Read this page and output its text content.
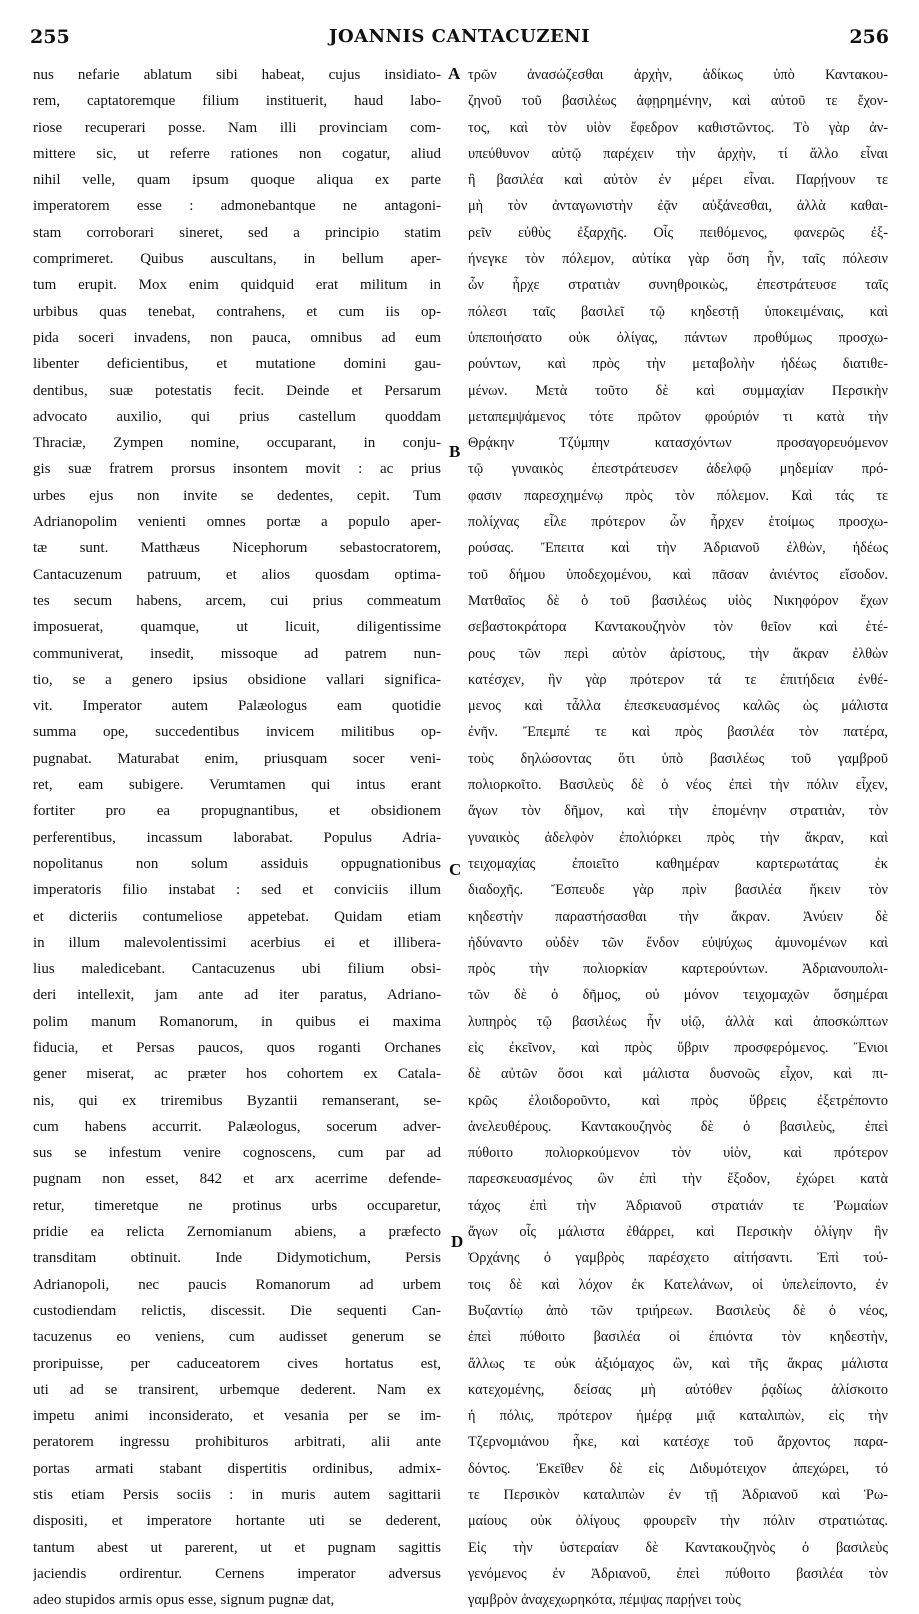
255	JOANNIS CANTACUZENI	256
nus nefarie ablatum sibi habeat, cujus insidiato-
rem, captatoremque filium instituerit, haud labo-
riose recuperari posse. Nam illi provinciam com-
mittere sic, ut referre rationes non cogatur, aliud
nihil velle, quam ipsum quoque aliqua ex parte
imperatorem esse : admonebantque ne antagoni-
stam corroborari sineret, sed a principio statim
comprimeret. Quibus auscultans, in bellum aper-
tum erupit. Mox enim quidquid erat militum in
urbibus quas tenebat, contrahens, et cum iis op-
pida soceri invadens, non pauca, omnibus ad eum
libenter deficientibus, et mutatione domini gau-
dentibus, suæ potestatis fecit. Deinde et Persarum
advocato auxilio, qui prius castellum quoddam
Thraciæ, Zympen nomine, occuparant, in conju-
gis suæ fratrem prorsus insontem movit : ac prius
urbes ejus non invite se dedentes, cepit. Tum
Adrianopolim venienti omnes portæ a populo aper-
tæ sunt. Matthæus Nicephorum sebastocratorem,
Cantacuzenum patruum, et alios quosdam optima-
tes secum habens, arcem, cui prius commeatum
imposuerat, quamque, ut licuit, diligentissime
communiverat, insedit, missoque ad patrem nun-
tio, se a genero ipsius obsidione vallari significa-
vit. Imperator autem Palæologus eam quotidie
summa ope, succedentibus invicem militibus op-
pugnabat. Maturabat enim, priusquam socer veni-
ret, eam subigere. Verumtamen qui intus erant
fortiter pro ea propugnantibus, et obsidionem
perferentibus, incassum laborabat. Populus Adria-
nopolitanus non solum assiduis oppugnationibus
imperatoris filio instabat : sed et conviciis illum
et dicteriis contumeliose appetebat. Quidam etiam
in illum malevolentissimi acerbius ei et illibera-
lius maledicebant. Cantacuzenus ubi filium obsi-
deri intellexit, jam ante ad iter paratus, Adriano-
polim manum Romanorum, in quibus ei maxima
fiducia, et Persas paucos, quos roganti Orchanes
gener miserat, ac præter hos cohortem ex Catala-
nis, qui ex triremibus Byzantii remanserant, se-
cum habens accurrit. Palæologus, socerum adver-
sus se infestum venire cognoscens, cum par ad
pugnam non esset, 842 et arx acerrime defende-
retur, timeretque ne protinus urbs occuparetur,
pridie ea relicta Zernomianum abiens, a præfecto
transditam obtinuit. Inde Didymotichum, Persis
Adrianopoli, nec paucis Romanorum ad urbem
custodiendam relictis, discessit. Die sequenti Can-
tacuzenus eo veniens, cum audisset generum se
proripuisse, per caduceatorem cives hortatus est,
uti ad se transirent, urbemque dederent. Nam ex
impetu animi inconsiderato, et vesania per se im-
peratorem ingressu prohibituros arbitrati, alii ante
portas armati stabant dispertitis ordinibus, admix-
stis etiam Persis sociis : in muris autem sagittarii
dispositi, et imperatore hortante uti se dederent,
tantum abest ut parerent, ut et pugnam sagittis
jaciendis ordirentur. Cernens imperator adversus
adeo stupidos armis opus esse, signum pugnæ dat,
τρῶν ἀνασώζεσθαι ἀρχὴν, ἀδίκως ὑπὸ Καντακου-
ζηνοῦ τοῦ βασιλέως ἀφῃρημένην, καὶ αὐτοῦ τε ἔχον-
τος, καὶ τὸν υἱὸν ἔφεδρον καθιστῶντος. Τὸ γὰρ ἀν-
υπεύθυνον αὐτῷ παρέχειν τὴν ἀρχὴν, τί ἄλλο εἶναι
ἢ βασιλέα καὶ αὐτὸν ἐν μέρει εἶναι. Παρῄνουν τε
μὴ τὸν ἀνταγωνιστὴν ἐᾷν αὐξάνεσθαι, ἀλλὰ καθαι-
ρεῖν εὐθὺς ἐξαρχῆς. Οἷς πειθόμενος, φανερῶς ἐξ-
ήνεγκε τὸν πόλεμον, αὐτίκα γὰρ ὅση ἦν, ταῖς πόλεσιν
ὧν ἦρχε στρατιὰν συνηθροικὼς, ἐπεστράτευσε ταῖς
πόλεσι ταῖς βασιλεῖ τῷ κηδεστῇ ὑποκειμέναις, καὶ
ὑπεποιήσατο οὐκ ὀλίγας, πάντων προθύμως προσχω-
ρούντων, καὶ πρὸς τὴν μεταβολὴν ἡδέως διατιθε-
μένων. Μετὰ τοῦτο δὲ καὶ συμμαχίαν Περσικὴν
μεταπεμψάμενος τότε πρῶτον φρούριόν τι κατὰ τὴν
Θρᾴκην Τζύμπην κατασχόντων προσαγορευόμενον
τῷ γυναικὸς ἐπεστράτευσεν ἀδελφῷ μηδεμίαν πρό-
φασιν παρεσχημένῳ πρὸς τὸν πόλεμον. Καὶ τάς τε
πολίχνας εἷλε πρότερον ὧν ἦρχεν ἑτοίμως προσχω-
ρούσας. Ἔπειτα καὶ τὴν Ἀδριανοῦ ἐλθὼν, ἡδέως
τοῦ δήμου ὑποδεχομένου, καὶ πᾶσαν ἀνιέντος εἴσοδον.
Ματθαῖος δὲ ὁ τοῦ βασιλέως υἱὸς Νικηφόρον ἔχων
σεβαστοκράτορα Καντακουζηνὸν τὸν θεῖον καὶ ἑτέ-
ρους τῶν περὶ αὐτὸν ἀρίστους, τὴν ἄκραν ἐλθὼν
κατέσχεν, ἣν γὰρ πρότερον τά τε ἐπιτήδεια ἐνθέ-
μενος καὶ τἆλλα ἐπεσκευασμένος καλῶς ὡς μάλιστα
ἐνῆν. Ἔπεμπέ τε καὶ πρὸς βασιλέα τὸν πατέρα,
τοὺς δηλώσοντας ὅτι ὑπὸ βασιλέως τοῦ γαμβροῦ
πολιορκοῖτο. Βασιλεὺς δὲ ὁ νέος ἐπεὶ τὴν πόλιν εἶχεν,
ἄγων τὸν δῆμον, καὶ τὴν ἑπομένην στρατιὰν, τὸν
γυναικὸς ἀδελφὸν ἐπολιόρκει πρὸς τὴν ἄκραν, καὶ
τειχομαχίας ἐποιεῖτο καθημέραν καρτερωτάτας ἐκ
διαδοχῆς. Ἔσπευδε γὰρ πρὶν βασιλέα ἥκειν τὸν
κηδεστὴν παραστήσασθαι τὴν ἄκραν. Ἀνύειν δὲ
ἠδύναντο οὐδὲν τῶν ἔνδον εὐψύχως ἀμυνομένων καὶ
πρὸς τὴν πολιορκίαν καρτερούντων. Ἀδριανουπολι-
τῶν δὲ ὁ δῆμος, οὐ μόνον τειχομαχῶν ὅσημέραι
λυπηρὸς τῷ βασιλέως ἦν υἱῷ, ἀλλὰ καὶ ἀποσκώπτων
εἰς ἐκεῖνον, καὶ πρὸς ὕβριν προσφερόμενος. Ἔνιοι
δὲ αὐτῶν ὅσοι καὶ μάλιστα δυσνοῶς εἶχον, καὶ πι-
κρῶς ἐλοιδοροῦντο, καὶ πρὸς ὕβρεις ἐξετρέποντο
ἀνελευθέρους. Καντακουζηνὸς δὲ ὁ βασιλεὺς, ἐπεὶ
πύθοιτο πολιορκούμενον τὸν υἱὸν, καὶ πρότερον
παρεσκευασμένος ὢν ἐπὶ τὴν ἔξοδον, ἐχώρει κατὰ
τάχος ἐπὶ τὴν Ἀδριανοῦ στρατιάν τε Ῥωμαίων
ἄγων οἷς μάλιστα ἐθάρρει, καὶ Περσικὴν ὀλίγην ἣν
Ὀρχάνης ὁ γαμβρὸς παρέσχετο αἰτήσαντι. Ἐπὶ τού-
τοις δὲ καὶ λόχον ἐκ Κατελάνων, οἱ ὑπελείποντο, ἐν
Βυζαντίῳ ἀπὸ τῶν τριήρεων. Βασιλεὺς δὲ ὁ νέος,
ἐπεὶ πύθοιτο βασιλέα οἱ ἐπιόντα τὸν κηδεστὴν,
ἄλλως τε οὐκ ἀξιόμαχος ὢν, καὶ τῆς ἄκρας μάλιστα
κατεχομένης, δείσας μὴ αὐτόθεν ῥᾳδίως ἁλίσκοιτο
ἡ πόλις, πρότερον ἡμέρᾳ μιᾷ καταλιπὼν, εἰς τὴν
Τζερνομιάνου ἧκε, καὶ κατέσχε τοῦ ἄρχοντος παρα-
δόντος. Ἐκεῖθεν δὲ εἰς Διδυμότειχον ἀπεχώρει, τό
τε Περσικὸν καταλιπὼν ἐν τῇ Ἀδριανοῦ καὶ Ῥω-
μαίους οὐκ ὀλίγους φρουρεῖν τὴν πόλιν στρατιώτας.
Εἰς τὴν ὑστεραίαν δὲ Καντακουζηνὸς ὁ βασιλεὺς
γενόμενος ἐν Ἀδριανοῦ, ἐπεὶ πύθοιτο βασιλέα τὸν
γαμβρὸν ἀναχεχωρηκότα, πέμψας παρῄνει τοὺς
A
B
C
D
